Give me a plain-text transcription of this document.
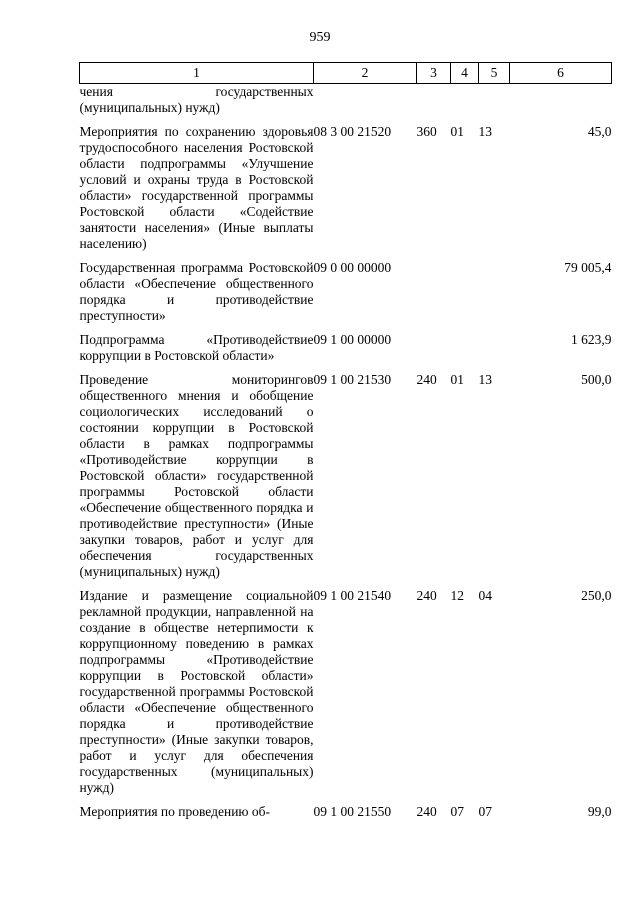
959
1	2	3	4	5	6
чения государственных (муниципальных) нужд)					
Мероприятия по сохранению здоровья трудоспособного населения Ростовской области подпрограммы «Улучшение условий и охраны труда в Ростовской области» государственной программы Ростовской области «Содействие занятости населения» (Иные выплаты населению)	08 3 00 21520	360	01	13	45,0
Государственная программа Ростовской области «Обеспечение общественного порядка и противодействие преступности»	09 0 00 00000				79 005,4
Подпрограмма «Противодействие коррупции в Ростовской области»	09 1 00 00000				1 623,9
Проведение мониторингов общественного мнения и обобщение социологических исследований о состоянии коррупции в Ростовской области в рамках подпрограммы «Противодействие коррупции в Ростовской области» государственной программы Ростовской области «Обеспечение общественного порядка и противодействие преступности» (Иные закупки товаров, работ и услуг для обеспечения государственных (муниципальных) нужд)	09 1 00 21530	240	01	13	500,0
Издание и размещение социальной рекламной продукции, направленной на создание в обществе нетерпимости к коррупционному поведению в рамках подпрограммы «Противодействие коррупции в Ростовской области» государственной программы Ростовской области «Обеспечение общественного порядка и противодействие преступности» (Иные закупки товаров, работ и услуг для обеспечения государственных (муниципальных) нужд)	09 1 00 21540	240	12	04	250,0
Мероприятия по проведению об-	09 1 00 21550	240	07	07	99,0
